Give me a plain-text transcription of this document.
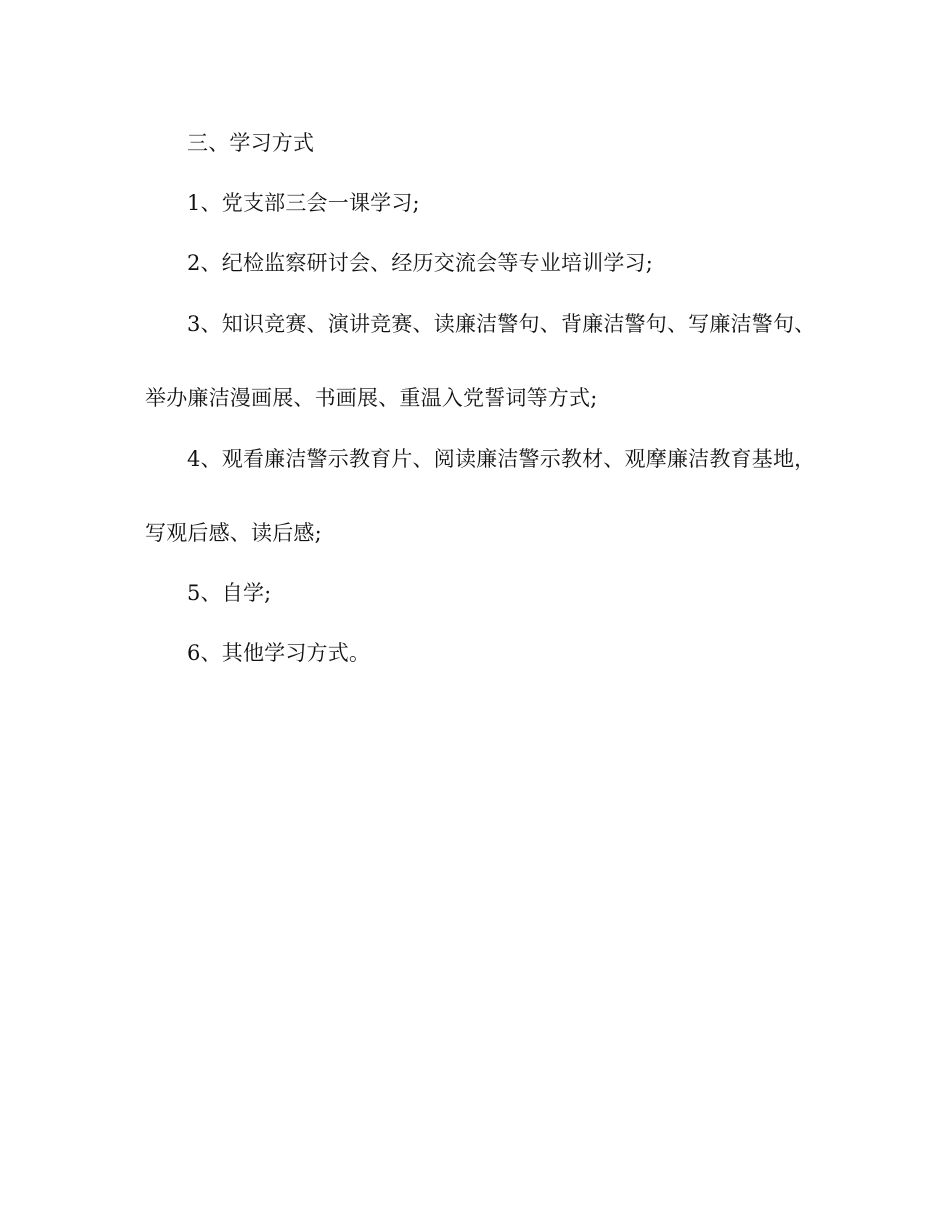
三、学习方式

1、党支部三会一课学习;

2、纪检监察研讨会、经历交流会等专业培训学习;

3、知识竞赛、演讲竞赛、读廉洁警句、背廉洁警句、写廉洁警句、举办廉洁漫画展、书画展、重温入党誓词等方式;

4、观看廉洁警示教育片、阅读廉洁警示教材、观摩廉洁教育基地，写观后感、读后感;

5、自学;

6、其他学习方式。
